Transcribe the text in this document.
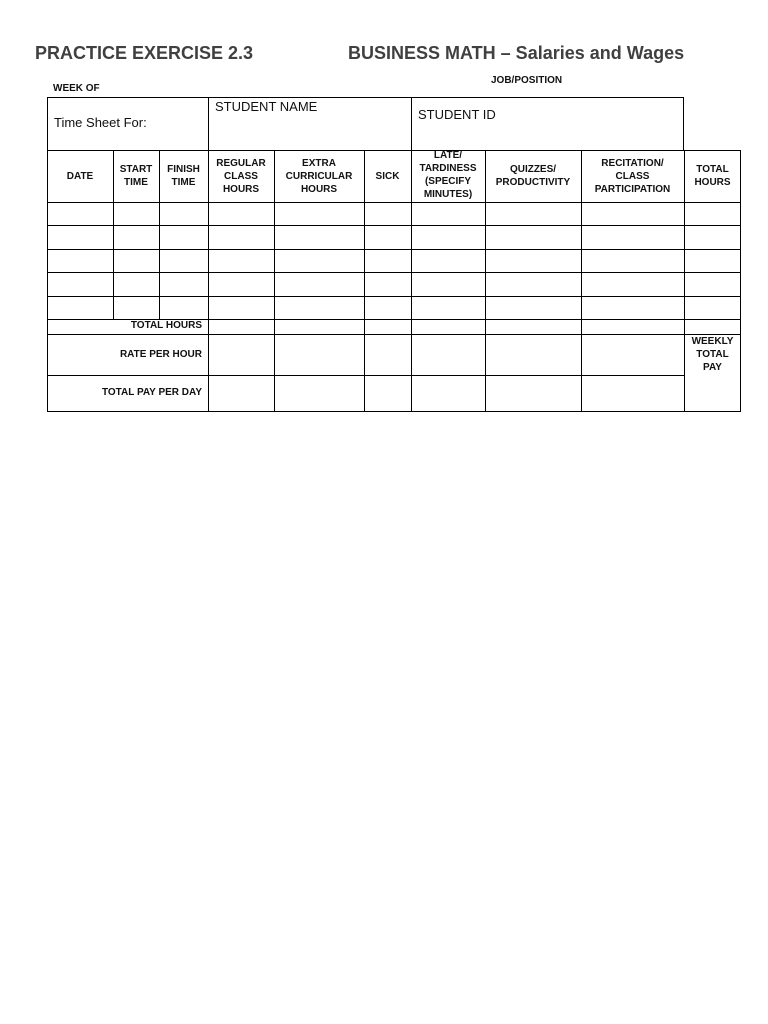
PRACTICE EXERCISE 2.3	BUSINESS MATH – Salaries and Wages
WEEK OF
JOB/POSITION
Time Sheet For:
STUDENT NAME
STUDENT ID
DATE
START TIME
FINISH TIME
REGULAR CLASS HOURS
EXTRA CURRICULAR HOURS
SICK
LATE/ TARDINESS (SPECIFY MINUTES)
QUIZZES/ PRODUCTIVITY
RECITATION/ CLASS PARTICIPATION
TOTAL HOURS
TOTAL HOURS
RATE PER HOUR
TOTAL PAY PER DAY
WEEKLY TOTAL PAY
